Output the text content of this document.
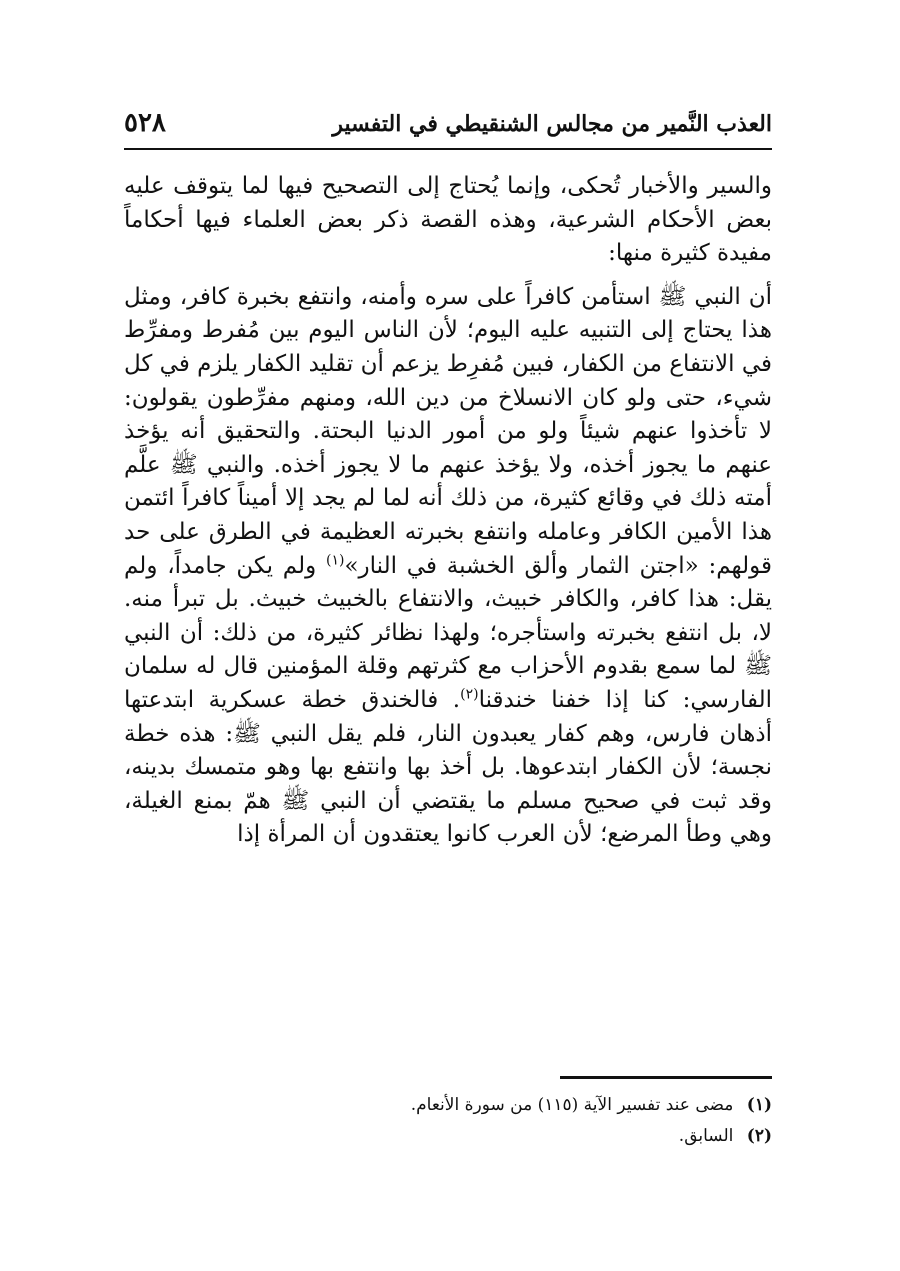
العذب النَّمير من مجالس الشنقيطي في التفسير
٥٢٨

والسير والأخبار تُحكى، وإنما يُحتاج إلى التصحيح فيها لما يتوقف عليه بعض الأحكام الشرعية، وهذه القصة ذكر بعض العلماء فيها أحكاماً مفيدة كثيرة منها:

أن النبي ﷺ استأمن كافراً على سره وأمنه، وانتفع بخبرة كافر، ومثل هذا يحتاج إلى التنبيه عليه اليوم؛ لأن الناس اليوم بين مُفرط ومفرِّط في الانتفاع من الكفار، فبين مُفرِط يزعم أن تقليد الكفار يلزم في كل شيء، حتى ولو كان الانسلاخ من دين الله، ومنهم مفرِّطون يقولون: لا تأخذوا عنهم شيئاً ولو من أمور الدنيا البحتة. والتحقيق أنه يؤخذ عنهم ما يجوز أخذه، ولا يؤخذ عنهم ما لا يجوز أخذه. والنبي ﷺ علَّم أمته ذلك في وقائع كثيرة، من ذلك أنه لما لم يجد إلا أميناً كافراً ائتمن هذا الأمين الكافر وعامله وانتفع بخبرته العظيمة في الطرق على حد قولهم: «اجتن الثمار وألق الخشبة في النار»$^{(١)}$ ولم يكن جامداً، ولم يقل: هذا كافر، والكافر خبيث، والانتفاع بالخبيث خبيث. بل تبرأ منه. لا، بل انتفع بخبرته واستأجره؛ ولهذا نظائر كثيرة، من ذلك: أن النبي ﷺ لما سمع بقدوم الأحزاب مع كثرتهم وقلة المؤمنين قال له سلمان الفارسي: كنا إذا خفنا خندقنا$^{(٢)}$. فالخندق خطة عسكرية ابتدعتها أذهان فارس، وهم كفار يعبدون النار، فلم يقل النبي ﷺ: هذه خطة نجسة؛ لأن الكفار ابتدعوها. بل أخذ بها وانتفع بها وهو متمسك بدينه، وقد ثبت في صحيح مسلم ما يقتضي أن النبي ﷺ همّ بمنع الغيلة، وهي وطأ المرضع؛ لأن العرب كانوا يعتقدون أن المرأة إذا

(١) مضى عند تفسير الآية (١١٥) من سورة الأنعام.
(٢) السابق.
